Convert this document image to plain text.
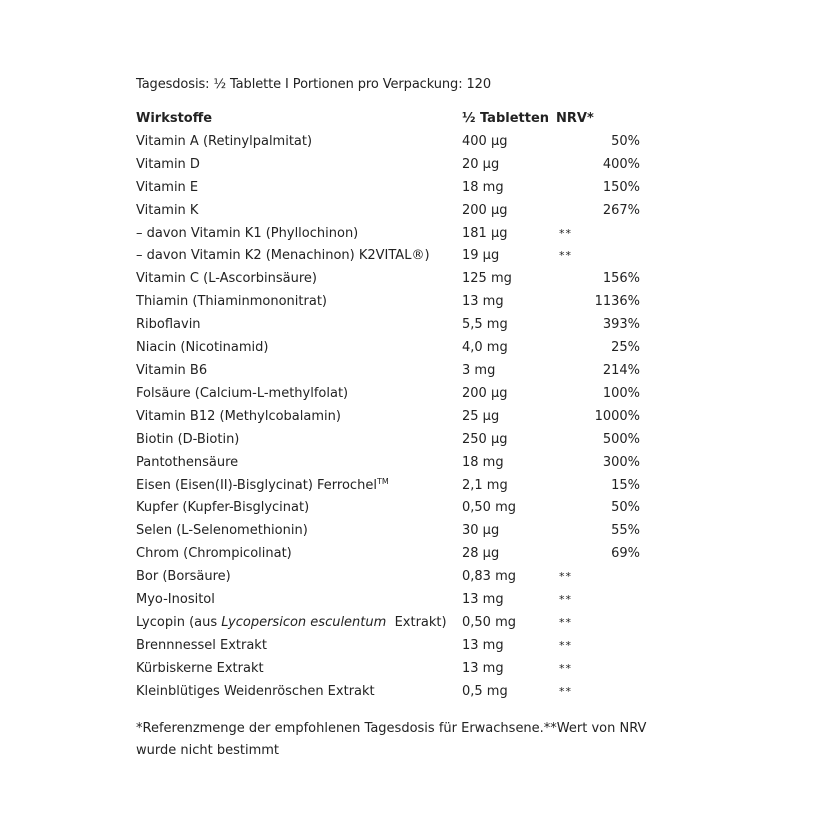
Tagesdosis: ½ Tablette I Portionen pro Verpackung: 120
Wirkstoffe	½ Tabletten	NRV*
Vitamin A (Retinylpalmitat)	400 µg	50%
Vitamin D	20 µg	400%
Vitamin E	18 mg	150%
Vitamin K	200 µg	267%
– davon Vitamin K1 (Phyllochinon)	181 µg	**
– davon Vitamin K2 (Menachinon) K2VITAL®)	19 µg	**
Vitamin C (L-Ascorbinsäure)	125 mg	156%
Thiamin (Thiaminmononitrat)	13 mg	1136%
Riboflavin	5,5 mg	393%
Niacin (Nicotinamid)	4,0 mg	25%
Vitamin B6	3 mg	214%
Folsäure (Calcium-L-methylfolat)	200 µg	100%
Vitamin B12 (Methylcobalamin)	25 µg	1000%
Biotin (D-Biotin)	250 µg	500%
Pantothensäure	18 mg	300%
Eisen (Eisen(II)-Bisglycinat) Ferrochel™	2,1 mg	15%
Kupfer (Kupfer-Bisglycinat)	0,50 mg	50%
Selen (L-Selenomethionin)	30 µg	55%
Chrom (Chrompicolinat)	28 µg	69%
Bor (Borsäure)	0,83 mg	**
Myo-Inositol	13 mg	**
Lycopin (aus Lycopersicon esculentum  Extrakt)	0,50 mg	**
Brennnessel Extrakt	13 mg	**
Kürbiskerne Extrakt	13 mg	**
Kleinblütiges Weidenröschen Extrakt	0,5 mg	**
*Referenzmenge der empfohlenen Tagesdosis für Erwachsene.**Wert von NRV wurde nicht bestimmt
